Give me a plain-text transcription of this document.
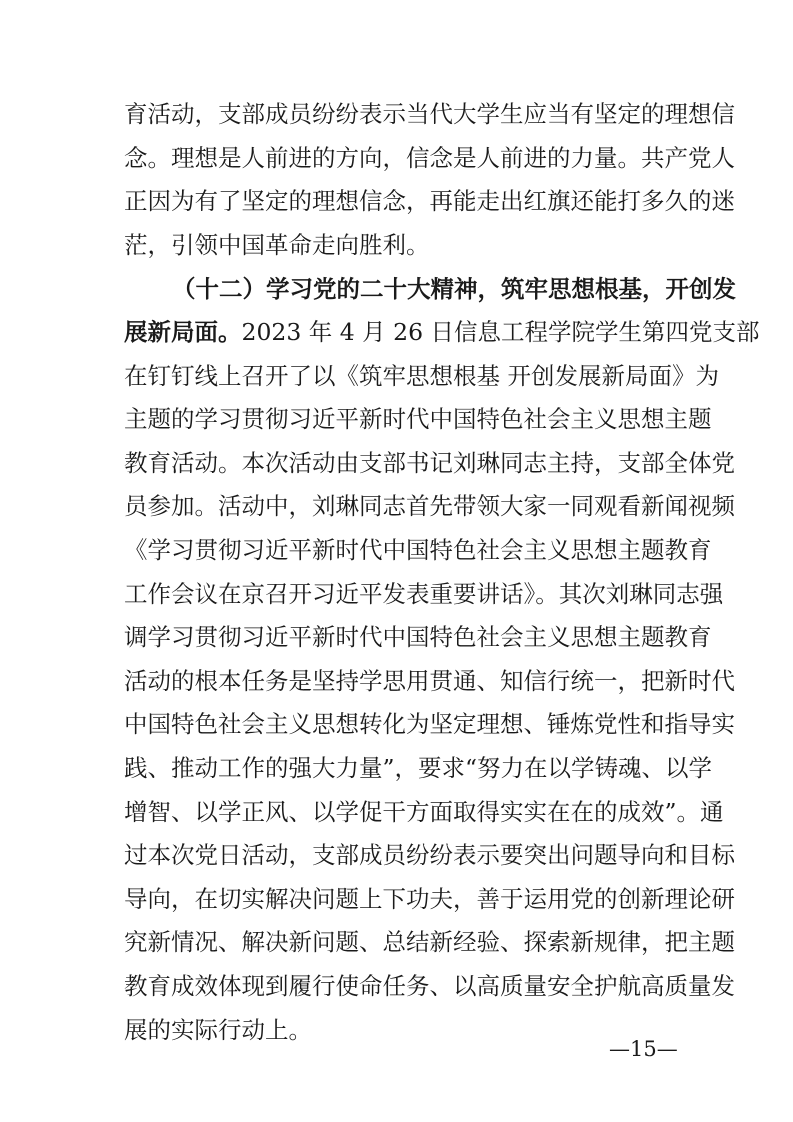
育活动，支部成员纷纷表示当代大学生应当有坚定的理想信
念。理想是人前进的方向，信念是人前进的力量。共产党人
正因为有了坚定的理想信念，再能走出红旗还能打多久的迷
茫，引领中国革命走向胜利。
（十二）学习党的二十大精神，筑牢思想根基，开创发
展新局面。2023 年 4 月 26 日信息工程学院学生第四党支部
在钉钉线上召开了以《筑牢思想根基 开创发展新局面》为
主题的学习贯彻习近平新时代中国特色社会主义思想主题
教育活动。本次活动由支部书记刘琳同志主持，支部全体党
员参加。活动中，刘琳同志首先带领大家一同观看新闻视频
《学习贯彻习近平新时代中国特色社会主义思想主题教育
工作会议在京召开习近平发表重要讲话》。其次刘琳同志强
调学习贯彻习近平新时代中国特色社会主义思想主题教育
活动的根本任务是坚持学思用贯通、知信行统一，把新时代
中国特色社会主义思想转化为坚定理想、锤炼党性和指导实
践、推动工作的强大力量”，要求“努力在以学铸魂、以学
增智、以学正风、以学促干方面取得实实在在的成效”。通
过本次党日活动，支部成员纷纷表示要突出问题导向和目标
导向，在切实解决问题上下功夫，善于运用党的创新理论研
究新情况、解决新问题、总结新经验、探索新规律，把主题
教育成效体现到履行使命任务、以高质量安全护航高质量发
展的实际行动上。
—15—
